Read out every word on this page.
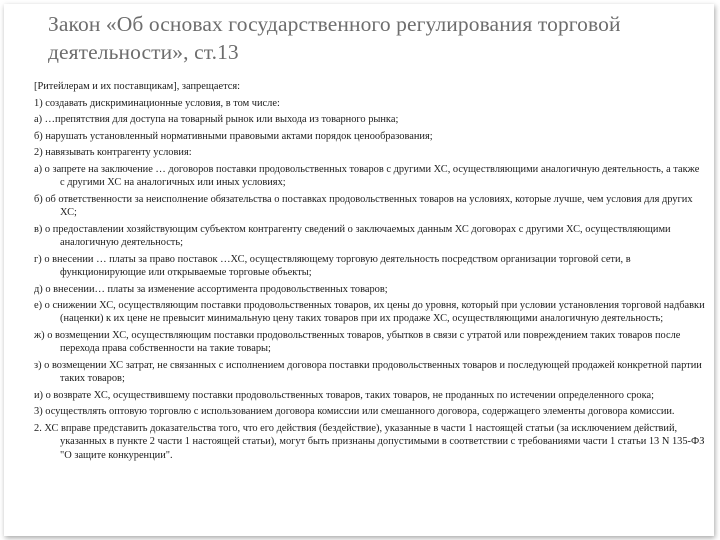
Закон «Об основах государственного регулирования торговой деятельности», ст.13

[Ритейлерам и их поставщикам], запрещается:

1) создавать дискриминационные условия, в том числе:

а) …препятствия для доступа на товарный рынок или выхода из товарного рынка;

б) нарушать установленный нормативными правовыми актами порядок ценообразования;

2) навязывать контрагенту условия:

а) о запрете на заключение … договоров поставки продовольственных товаров с другими ХС, осуществляющими аналогичную деятельность, а также с другими ХС на аналогичных или иных условиях;

б) об ответственности за неисполнение обязательства о поставках продовольственных товаров на условиях, которые лучше, чем условия для других ХС;

в) о предоставлении хозяйствующим субъектом контрагенту сведений о заключаемых данным ХС договорах с другими ХС, осуществляющими аналогичную деятельность;

г) о внесении … платы за право поставок …ХС, осуществляющему торговую деятельность посредством организации торговой сети, в функционирующие или открываемые торговые объекты;

д) о внесении… платы за изменение ассортимента продовольственных товаров;

е) о снижении ХС, осуществляющим поставки продовольственных товаров, их цены до уровня, который при условии установления торговой надбавки (наценки) к их цене не превысит минимальную цену таких товаров при их продаже ХС, осуществляющими аналогичную деятельность;

ж) о возмещении ХС, осуществляющим поставки продовольственных товаров, убытков в связи с утратой или повреждением таких товаров после перехода права собственности на такие товары;

з) о возмещении ХС затрат, не связанных с исполнением договора поставки продовольственных товаров и последующей продажей конкретной партии таких товаров;

и) о возврате ХС, осуществившему поставки продовольственных товаров, таких товаров, не проданных по истечении определенного срока;

3) осуществлять оптовую торговлю с использованием договора комиссии или смешанного договора, содержащего элементы договора комиссии.

2. ХС вправе представить доказательства того, что его действия (бездействие), указанные в части 1 настоящей статьи (за исключением действий, указанных в пункте 2 части 1 настоящей статьи), могут быть признаны допустимыми в соответствии с требованиями части 1 статьи 13 N 135-ФЗ "О защите конкуренции".
